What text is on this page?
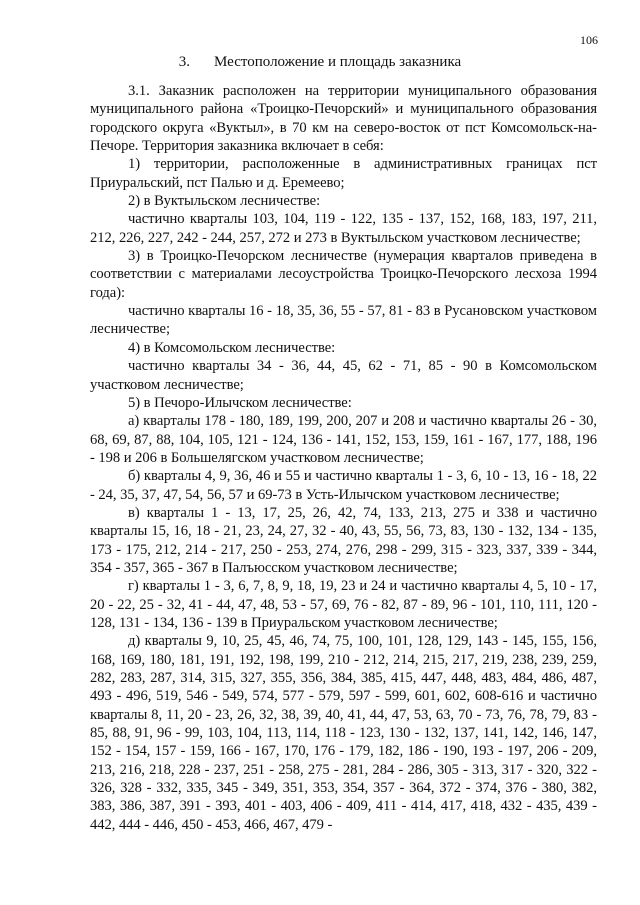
106
3. Местоположение и площадь заказника

3.1. Заказник расположен на территории муниципального образования муниципального района «Троицко-Печорский» и муниципального образования городского округа «Вуктыл», в 70 км на северо-восток от пст Комсомольск-на-Печоре. Территория заказника включает в себя:

1) территории, расположенные в административных границах пст Приуральский, пст Палью и д. Еремеево;

2) в Вуктыльском лесничестве:

частично кварталы 103, 104, 119 - 122, 135 - 137, 152, 168, 183, 197, 211, 212, 226, 227, 242 - 244, 257, 272 и 273 в Вуктыльском участковом лесничестве;

3) в Троицко-Печорском лесничестве (нумерация кварталов приведена в соответствии с материалами лесоустройства Троицко-Печорского лесхоза 1994 года):

частично кварталы 16 - 18, 35, 36, 55 - 57, 81 - 83 в Русановском участковом лесничестве;

4) в Комсомольском лесничестве:

частично кварталы 34 - 36, 44, 45, 62 - 71, 85 - 90 в Комсомольском участковом лесничестве;

5) в Печоро-Илычском лесничестве:

а) кварталы 178 - 180, 189, 199, 200, 207 и 208 и частично кварталы 26 - 30, 68, 69, 87, 88, 104, 105, 121 - 124, 136 - 141, 152, 153, 159, 161 - 167, 177, 188, 196 - 198 и 206 в Большелягском участковом лесничестве;

б) кварталы 4, 9, 36, 46 и 55 и частично кварталы 1 - 3, 6, 10 - 13, 16 - 18, 22 - 24, 35, 37, 47, 54, 56, 57 и 69-73 в Усть-Илычском участковом лесничестве;

в) кварталы 1 - 13, 17, 25, 26, 42, 74, 133, 213, 275 и 338 и частично кварталы 15, 16, 18 - 21, 23, 24, 27, 32 - 40, 43, 55, 56, 73, 83, 130 - 132, 134 - 135, 173 - 175, 212, 214 - 217, 250 - 253, 274, 276, 298 - 299, 315 - 323, 337, 339 - 344, 354 - 357, 365 - 367 в Палъюсском участковом лесничестве;

г) кварталы 1 - 3, 6, 7, 8, 9, 18, 19, 23 и 24 и частично кварталы 4, 5, 10 - 17, 20 - 22, 25 - 32, 41 - 44, 47, 48, 53 - 57, 69, 76 - 82, 87 - 89, 96 - 101, 110, 111, 120 - 128, 131 - 134, 136 - 139 в Приуральском участковом лесничестве;

д) кварталы 9, 10, 25, 45, 46, 74, 75, 100, 101, 128, 129, 143 - 145, 155, 156, 168, 169, 180, 181, 191, 192, 198, 199, 210 - 212, 214, 215, 217, 219, 238, 239, 259, 282, 283, 287, 314, 315, 327, 355, 356, 384, 385, 415, 447, 448, 483, 484, 486, 487, 493 - 496, 519, 546 - 549, 574, 577 - 579, 597 - 599, 601, 602, 608-616 и частично кварталы 8, 11, 20 - 23, 26, 32, 38, 39, 40, 41, 44, 47, 53, 63, 70 - 73, 76, 78, 79, 83 - 85, 88, 91, 96 - 99, 103, 104, 113, 114, 118 - 123, 130 - 132, 137, 141, 142, 146, 147, 152 - 154, 157 - 159, 166 - 167, 170, 176 - 179, 182, 186 - 190, 193 - 197, 206 - 209, 213, 216, 218, 228 - 237, 251 - 258, 275 - 281, 284 - 286, 305 - 313, 317 - 320, 322 - 326, 328 - 332, 335, 345 - 349, 351, 353, 354, 357 - 364, 372 - 374, 376 - 380, 382, 383, 386, 387, 391 - 393, 401 - 403, 406 - 409, 411 - 414, 417, 418, 432 - 435, 439 - 442, 444 - 446, 450 - 453, 466, 467, 479 -
